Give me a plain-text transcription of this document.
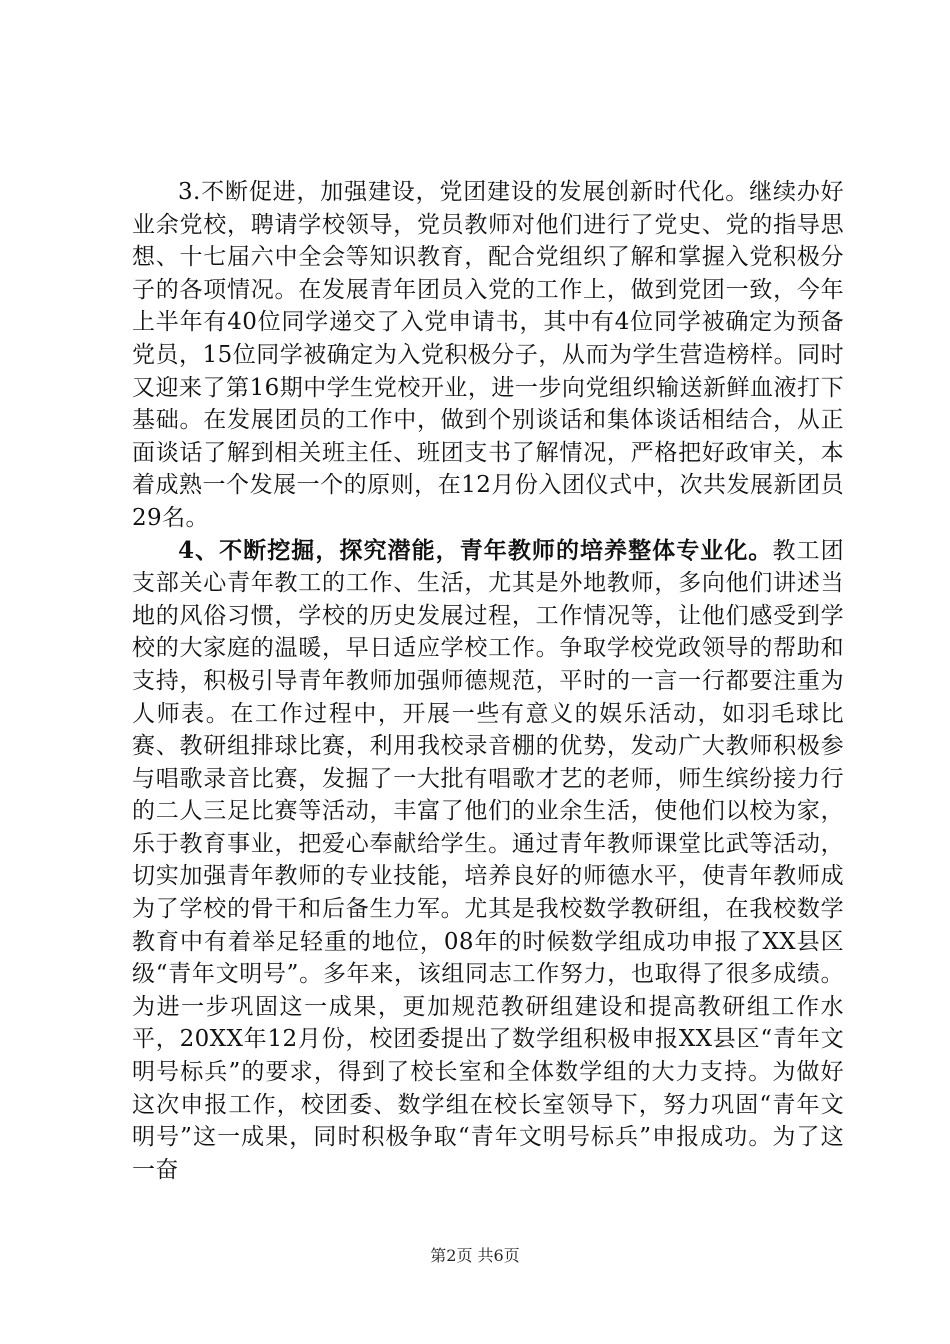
3.不断促进，加强建设，党团建设的发展创新时代化。继续办好业余党校，聘请学校领导，党员教师对他们进行了党史、党的指导思想、十七届六中全会等知识教育，配合党组织了解和掌握入党积极分子的各项情况。在发展青年团员入党的工作上，做到党团一致，今年上半年有40位同学递交了入党申请书，其中有4位同学被确定为预备党员，15位同学被确定为入党积极分子，从而为学生营造榜样。同时又迎来了第16期中学生党校开业，进一步向党组织输送新鲜血液打下基础。在发展团员的工作中，做到个别谈话和集体谈话相结合，从正面谈话了解到相关班主任、班团支书了解情况，严格把好政审关，本着成熟一个发展一个的原则，在12月份入团仪式中，次共发展新团员29名。

4、不断挖掘，探究潜能，青年教师的培养整体专业化。教工团支部关心青年教工的工作、生活，尤其是外地教师，多向他们讲述当地的风俗习惯，学校的历史发展过程，工作情况等，让他们感受到学校的大家庭的温暖，早日适应学校工作。争取学校党政领导的帮助和支持，积极引导青年教师加强师德规范，平时的一言一行都要注重为人师表。在工作过程中，开展一些有意义的娱乐活动，如羽毛球比赛、教研组排球比赛，利用我校录音棚的优势，发动广大教师积极参与唱歌录音比赛，发掘了一大批有唱歌才艺的老师，师生缤纷接力行的二人三足比赛等活动，丰富了他们的业余生活，使他们以校为家，乐于教育事业，把爱心奉献给学生。通过青年教师课堂比武等活动，切实加强青年教师的专业技能，培养良好的师德水平，使青年教师成为了学校的骨干和后备生力军。尤其是我校数学教研组，在我校数学教育中有着举足轻重的地位，08年的时候数学组成功申报了XX县区级“青年文明号”。多年来，该组同志工作努力，也取得了很多成绩。为进一步巩固这一成果，更加规范教研组建设和提高教研组工作水平，20XX年12月份，校团委提出了数学组积极申报XX县区“青年文明号标兵”的要求，得到了校长室和全体数学组的大力支持。为做好这次申报工作，校团委、数学组在校长室领导下，努力巩固“青年文明号”这一成果，同时积极争取“青年文明号标兵”申报成功。为了这一奋

第2页 共6页
